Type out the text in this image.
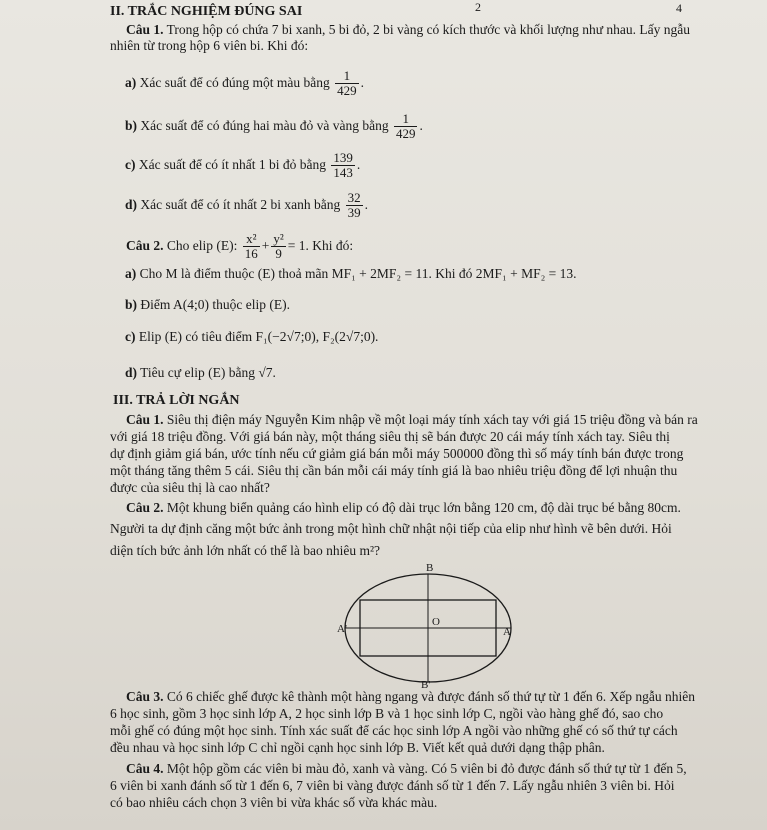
2	4
II. TRẮC NGHIỆM ĐÚNG SAI
Câu 1. Trong hộp có chứa 7 bi xanh, 5 bi đỏ, 2 bi vàng có kích thước và khối lượng như nhau. Lấy ngẫu
nhiên từ trong hộp 6 viên bi. Khi đó:
a) Xác suất để có đúng một màu bằng $\frac{1}{429}$ .
b) Xác suất để có đúng hai màu đỏ và vàng bằng $\frac{1}{429}$ .
c) Xác suất để có ít nhất 1 bi đỏ bằng $\frac{139}{143}$ .
d) Xác suất để có ít nhất 2 bi xanh bằng $\frac{32}{39}$ .
Câu 2. Cho elip (E): $\frac{\text{x²}}{16} + \frac{\text{y²}}{9} = 1$. Khi đó:
a) Cho M là điểm thuộc (E) thoả mãn MF₁ + 2MF₂ = 11. Khi đó 2MF₁ + MF₂ = 13.
b) Điểm A(4;0) thuộc elip (E).
c) Elip (E) có tiêu điểm F₁(−2√7;0), F₂(2√7;0).
d) Tiêu cự elip (E) bằng √7.
III. TRẢ LỜI NGẮN
Câu 1. Siêu thị điện máy Nguyễn Kim nhập về một loại máy tính xách tay với giá 15 triệu đồng và bán ra
với giá 18 triệu đồng. Với giá bán này, một tháng siêu thị sẽ bán được 20 cái máy tính xách tay. Siêu thị
dự định giảm giá bán, ước tính nếu cứ giảm giá bán mỗi máy 500000 đồng thì số máy tính bán được trong
một tháng tăng thêm 5 cái. Siêu thị cần bán mỗi cái máy tính giá là bao nhiêu triệu đồng để lợi nhuận thu
được của siêu thị là cao nhất?
Câu 2. Một khung biển quảng cáo hình elip có độ dài trục lớn bằng 120 cm, độ dài trục bé bằng 80cm.
Người ta dự định căng một bức ảnh trong một hình chữ nhật nội tiếp của elip như hình vẽ bên dưới. Hỏi
diện tích bức ảnh lớn nhất có thể là bao nhiêu m²?
B
B'
A'	A
O
Câu 3. Có 6 chiếc ghế được kê thành một hàng ngang và được đánh số thứ tự từ 1 đến 6. Xếp ngẫu nhiên
6 học sinh, gồm 3 học sinh lớp A, 2 học sinh lớp B và 1 học sinh lớp C, ngồi vào hàng ghế đó, sao cho
mỗi ghế có đúng một học sinh. Tính xác suất để các học sinh lớp A ngồi vào những ghế có số thứ tự cách
đều nhau và học sinh lớp C chỉ ngồi cạnh học sinh lớp B. Viết kết quả dưới dạng thập phân.
Câu 4. Một hộp gồm các viên bi màu đỏ, xanh và vàng. Có 5 viên bi đỏ được đánh số thứ tự từ 1 đến 5,
6 viên bi xanh đánh số từ 1 đến 6, 7 viên bi vàng được đánh số từ 1 đến 7. Lấy ngẫu nhiên 3 viên bi. Hỏi
có bao nhiêu cách chọn 3 viên bi vừa khác số vừa khác màu.
